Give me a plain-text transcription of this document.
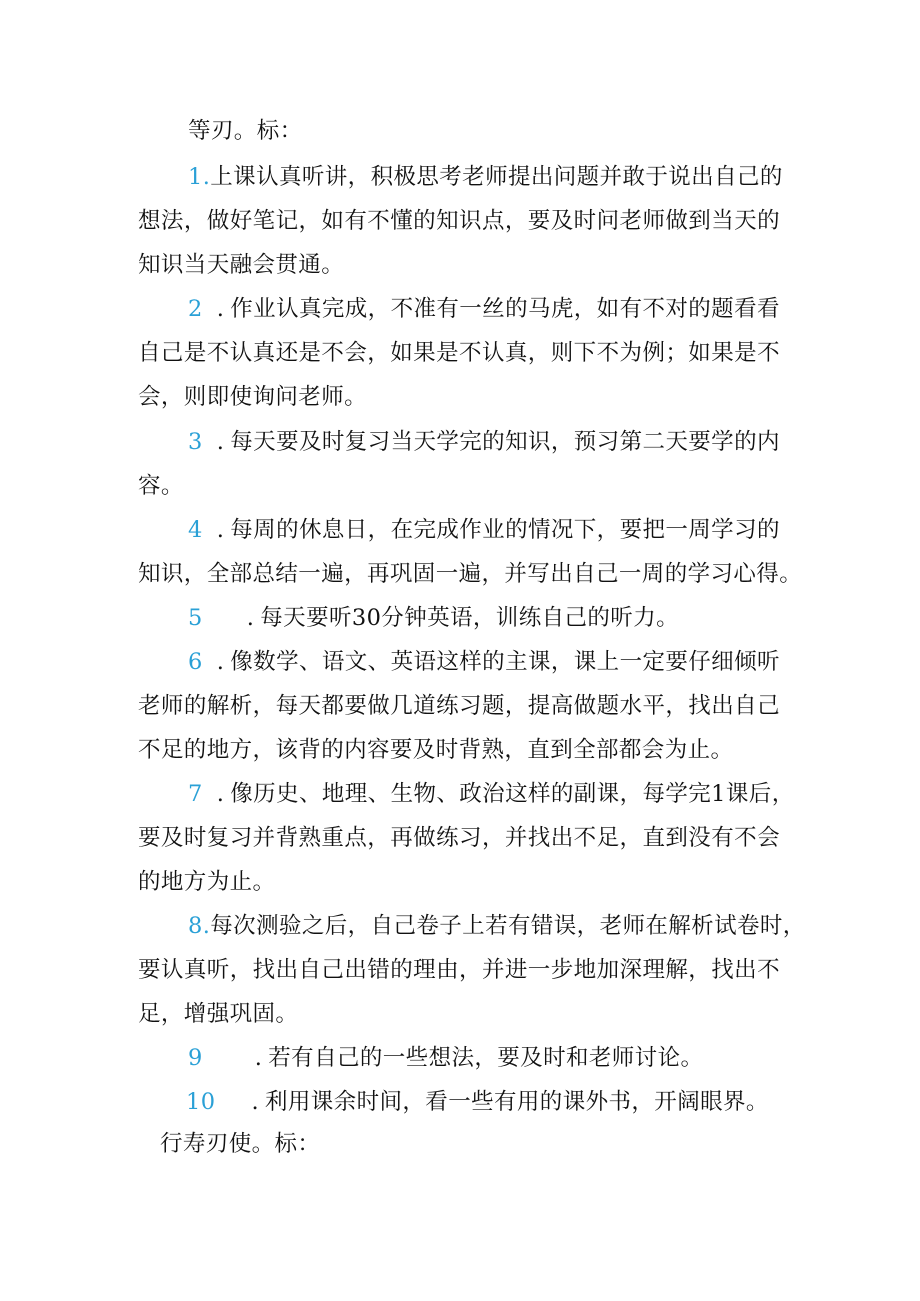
等刃。标：
1.上课认真听讲，积极思考老师提出问题并敢于说出自己的
想法，做好笔记，如有不懂的知识点，要及时问老师做到当天的
知识当天融会贯通。
2 . 作业认真完成，不准有一丝的马虎，如有不对的题看看
自己是不认真还是不会，如果是不认真，则下不为例；如果是不
会，则即使询问老师。
3 . 每天要及时复习当天学完的知识，预习第二天要学的内
容。
4 . 每周的休息日，在完成作业的情况下，要把一周学习的
知识，全部总结一遍，再巩固一遍，并写出自己一周的学习心得。
5 . 每天要听30分钟英语，训练自己的听力。
6 . 像数学、语文、英语这样的主课，课上一定要仔细倾听
老师的解析，每天都要做几道练习题，提高做题水平，找出自己
不足的地方，该背的内容要及时背熟，直到全部都会为止。
7 . 像历史、地理、生物、政治这样的副课，每学完1课后，
要及时复习并背熟重点，再做练习，并找出不足，直到没有不会
的地方为止。
8.每次测验之后，自己卷子上若有错误，老师在解析试卷时，
要认真听，找出自己出错的理由，并进一步地加深理解，找出不
足，增强巩固。
9 . 若有自己的一些想法，要及时和老师讨论。
10 . 利用课余时间，看一些有用的课外书，开阔眼界。
行寿刃使。标：
